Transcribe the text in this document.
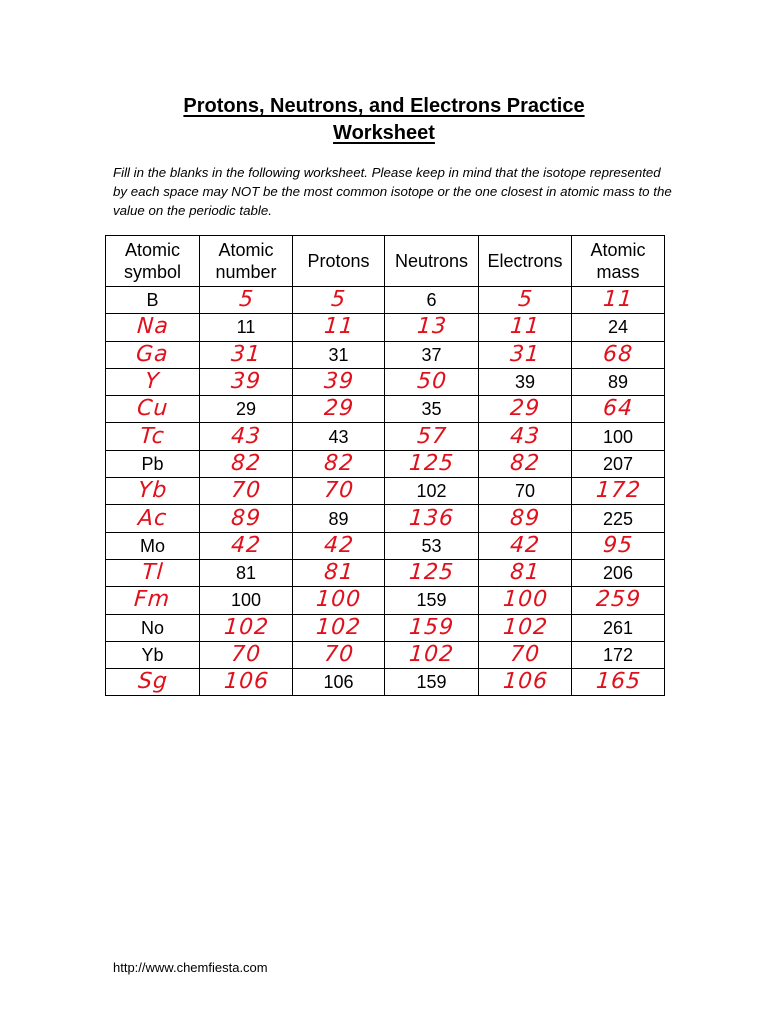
Protons, Neutrons, and Electrons Practice
Worksheet
Fill in the blanks in the following worksheet. Please keep in mind that the isotope represented by each space may NOT be the most common isotope or the one closest in atomic mass to the value on the periodic table.
Atomic
symbol	Atomic
number	Protons	Neutrons	Electrons	Atomic
mass

B	5	5	6	5	11
Na	11	11	13	11	24
Ga	31	31	37	31	68
Y	39	39	50	39	89
Cu	29	29	35	29	64
Tc	43	43	57	43	100
Pb	82	82	125	82	207
Yb	70	70	102	70	172
Ac	89	89	136	89	225
Mo	42	42	53	42	95
Tl	81	81	125	81	206
Fm	100	100	159	100	259
No	102	102	159	102	261
Yb	70	70	102	70	172
Sg	106	106	159	106	165
http://www.chemfiesta.com
